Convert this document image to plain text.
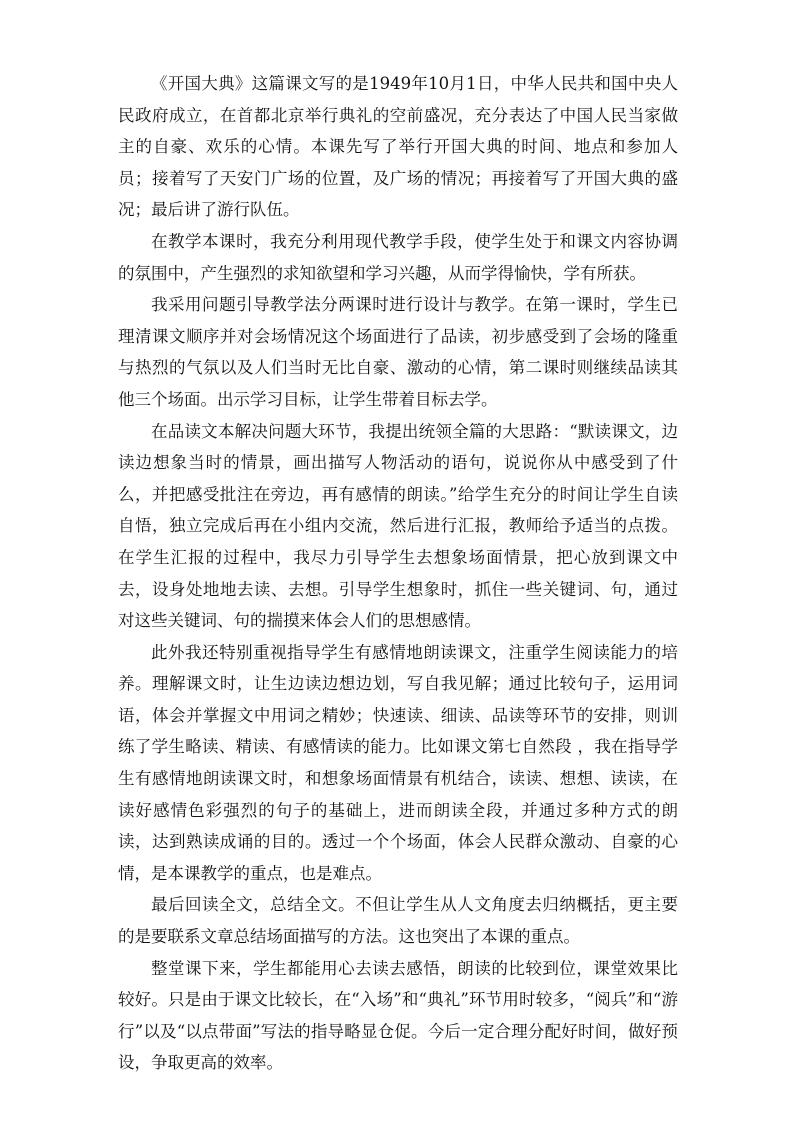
《开国大典》这篇课文写的是1949年10月1日，中华人民共和国中央人民政府成立，在首都北京举行典礼的空前盛况，充分表达了中国人民当家做主的自豪、欢乐的心情。本课先写了举行开国大典的时间、地点和参加人员；接着写了天安门广场的位置，及广场的情况；再接着写了开国大典的盛况；最后讲了游行队伍。

在教学本课时，我充分利用现代教学手段，使学生处于和课文内容协调的氛围中，产生强烈的求知欲望和学习兴趣，从而学得愉快，学有所获。

我采用问题引导教学法分两课时进行设计与教学。在第一课时，学生已理清课文顺序并对会场情况这个场面进行了品读，初步感受到了会场的隆重与热烈的气氛以及人们当时无比自豪、激动的心情，第二课时则继续品读其他三个场面。出示学习目标，让学生带着目标去学。

在品读文本解决问题大环节，我提出统领全篇的大思路：“默读课文，边读边想象当时的情景，画出描写人物活动的语句，说说你从中感受到了什么，并把感受批注在旁边，再有感情的朗读。”给学生充分的时间让学生自读自悟，独立完成后再在小组内交流，然后进行汇报，教师给予适当的点拨。在学生汇报的过程中，我尽力引导学生去想象场面情景，把心放到课文中去，设身处地地去读、去想。引导学生想象时，抓住一些关键词、句，通过对这些关键词、句的揣摸来体会人们的思想感情。

此外我还特别重视指导学生有感情地朗读课文，注重学生阅读能力的培养。理解课文时，让生边读边想边划，写自我见解；通过比较句子，运用词语，体会并掌握文中用词之精妙；快速读、细读、品读等环节的安排，则训练了学生略读、精读、有感情读的能力。比如课文第七自然段 ，我在指导学生有感情地朗读课文时，和想象场面情景有机结合，读读、想想、读读，在读好感情色彩强烈的句子的基础上，进而朗读全段，并通过多种方式的朗读，达到熟读成诵的目的。透过一个个场面，体会人民群众激动、自豪的心情，是本课教学的重点，也是难点。

最后回读全文，总结全文。不但让学生从人文角度去归纳概括，更主要的是要联系文章总结场面描写的方法。这也突出了本课的重点。

整堂课下来，学生都能用心去读去感悟，朗读的比较到位，课堂效果比较好。只是由于课文比较长，在“入场”和“典礼”环节用时较多，“阅兵”和“游行”以及“以点带面”写法的指导略显仓促。今后一定合理分配好时间，做好预设，争取更高的效率。
